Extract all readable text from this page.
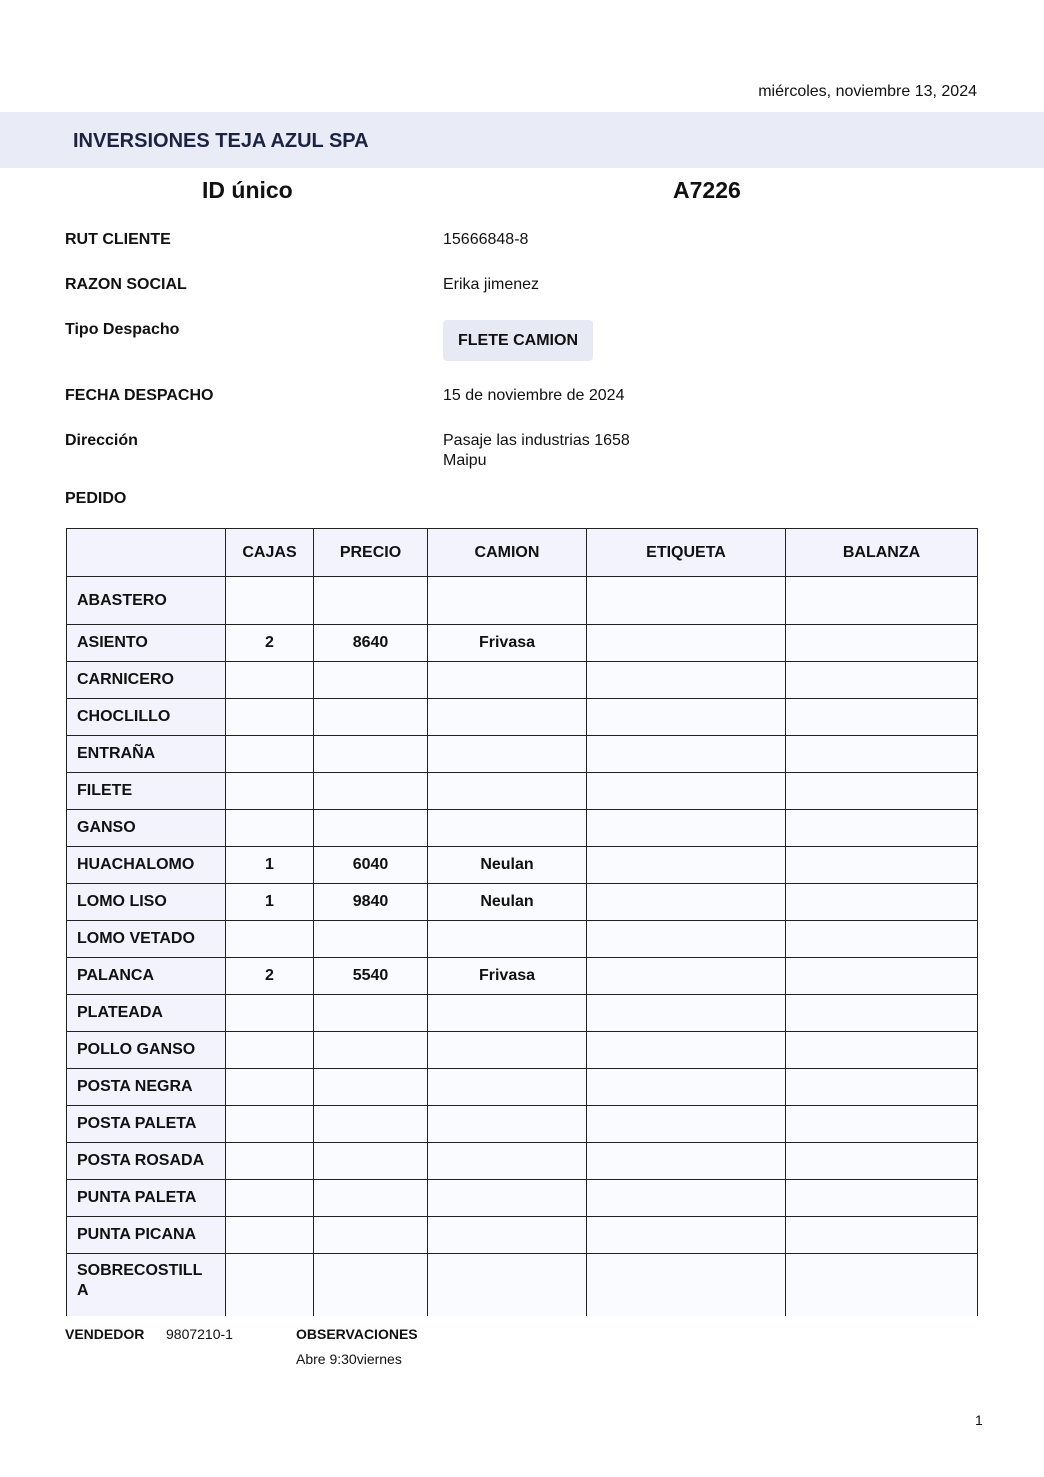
miércoles, noviembre 13, 2024
INVERSIONES TEJA AZUL SPA
ID único	A7226
RUT CLIENTE	15666848-8
RAZON SOCIAL	Erika jimenez
Tipo Despacho
FLETE CAMION
FECHA DESPACHO	15 de noviembre de 2024
Dirección	Pasaje las industrias 1658
Maipu
PEDIDO
	CAJAS	PRECIO	CAMION	ETIQUETA	BALANZA
ABASTERO					
ASIENTO	2	8640	Frivasa		
CARNICERO					
CHOCLILLO					
ENTRAÑA					
FILETE					
GANSO					
HUACHALOMO	1	6040	Neulan		
LOMO LISO	1	9840	Neulan		
LOMO VETADO					
PALANCA	2	5540	Frivasa		
PLATEADA					
POLLO GANSO					
POSTA NEGRA					
POSTA PALETA					
POSTA ROSADA					
PUNTA PALETA					
PUNTA PICANA					
SOBRECOSTILL
A					
VENDEDOR 9807210-1	OBSERVACIONES
Abre 9:30viernes
1
